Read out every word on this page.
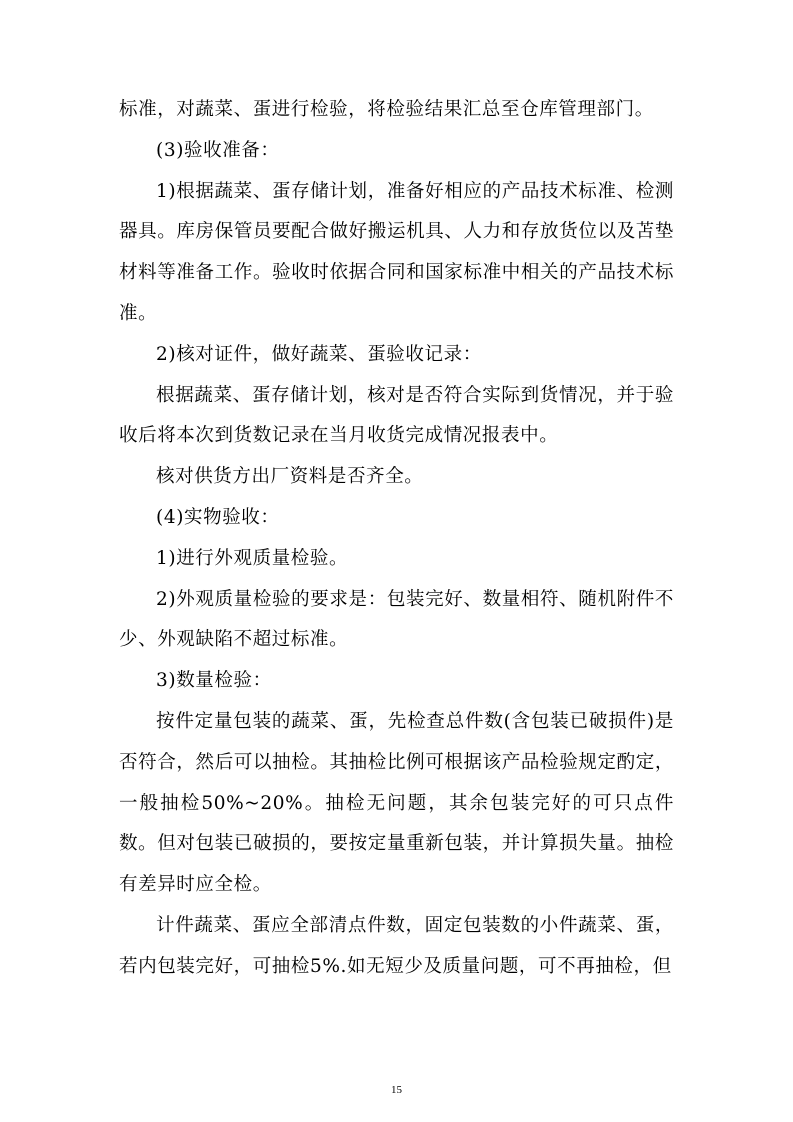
标准，对蔬菜、蛋进行检验，将检验结果汇总至仓库管理部门。

(3)验收准备：

1)根据蔬菜、蛋存储计划，准备好相应的产品技术标准、检测器具。库房保管员要配合做好搬运机具、人力和存放货位以及苫垫材料等准备工作。验收时依据合同和国家标准中相关的产品技术标准。

2)核对证件，做好蔬菜、蛋验收记录：

根据蔬菜、蛋存储计划，核对是否符合实际到货情况，并于验收后将本次到货数记录在当月收货完成情况报表中。

核对供货方出厂资料是否齐全。

(4)实物验收：

1)进行外观质量检验。

2)外观质量检验的要求是：包装完好、数量相符、随机附件不少、外观缺陷不超过标准。

3)数量检验：

按件定量包装的蔬菜、蛋，先检查总件数(含包装已破损件)是否符合，然后可以抽检。其抽检比例可根据该产品检验规定酌定，一般抽检50%~20%。抽检无问题，其余包装完好的可只点件数。但对包装已破损的，要按定量重新包装，并计算损失量。抽检有差异时应全检。

计件蔬菜、蛋应全部清点件数，固定包装数的小件蔬菜、蛋，若内包装完好，可抽检5%.如无短少及质量问题，可不再抽检，但

15
